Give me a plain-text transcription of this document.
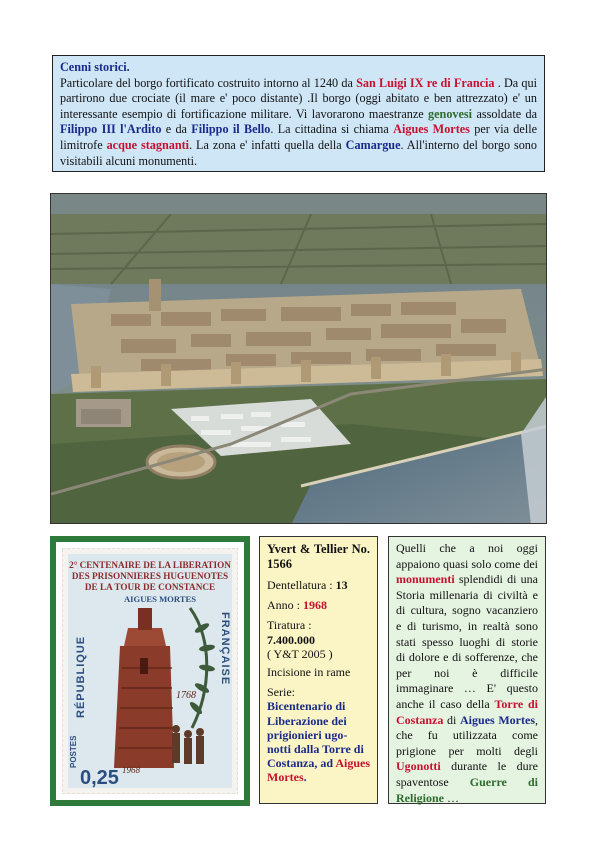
Cenni storici.
Particolare del borgo fortificato costruito intorno al 1240 da San Luigi IX re di Francia . Da qui partirono due crociate (il mare e' poco distante) .Il borgo (oggi abitato e ben attrezzato) e' un interessante esempio di fortificazione militare. Vi lavorarono maestranze genovesi assoldate da Filippo III l'Ardito e da Filippo il Bello. La cittadina si chiama Aigues Mortes per via delle limitrofe acque stagnanti. La zona e' infatti quella della Camargue. All'interno del borgo sono visitabili alcuni monumenti.
2° CENTENAIRE DE LA LIBERATION
DES PRISONNIERES HUGUENOTES
DE LA TOUR DE CONSTANCE
AIGUES MORTES
RÉPUBLIQUE	FRANÇAISE
1768
1968
POSTES
0,25

Yvert & Tellier No. 1566

Dentellatura : 13

Anno : 1968

Tiratura :
7.400.000
( Y&T 2005 )

Incisione in rame

Serie:
Bicentenario di Liberazione dei prigionieri ugo-notti dalla Torre di Costanza, ad Aigues Mortes.

Quelli che a noi oggi appaiono quasi solo come dei monumenti splendidi di una Storia millenaria di civiltà e di cultura, sogno vacanziero e di turismo, in realtà sono stati spesso luoghi di storie di dolore e di sofferenze, che per noi è difficile immaginare … E' questo anche il caso della Torre di Costanza di Aigues Mortes, che fu utilizzata come prigione per molti degli Ugonotti durante le dure spaventose Guerre di Religione …
